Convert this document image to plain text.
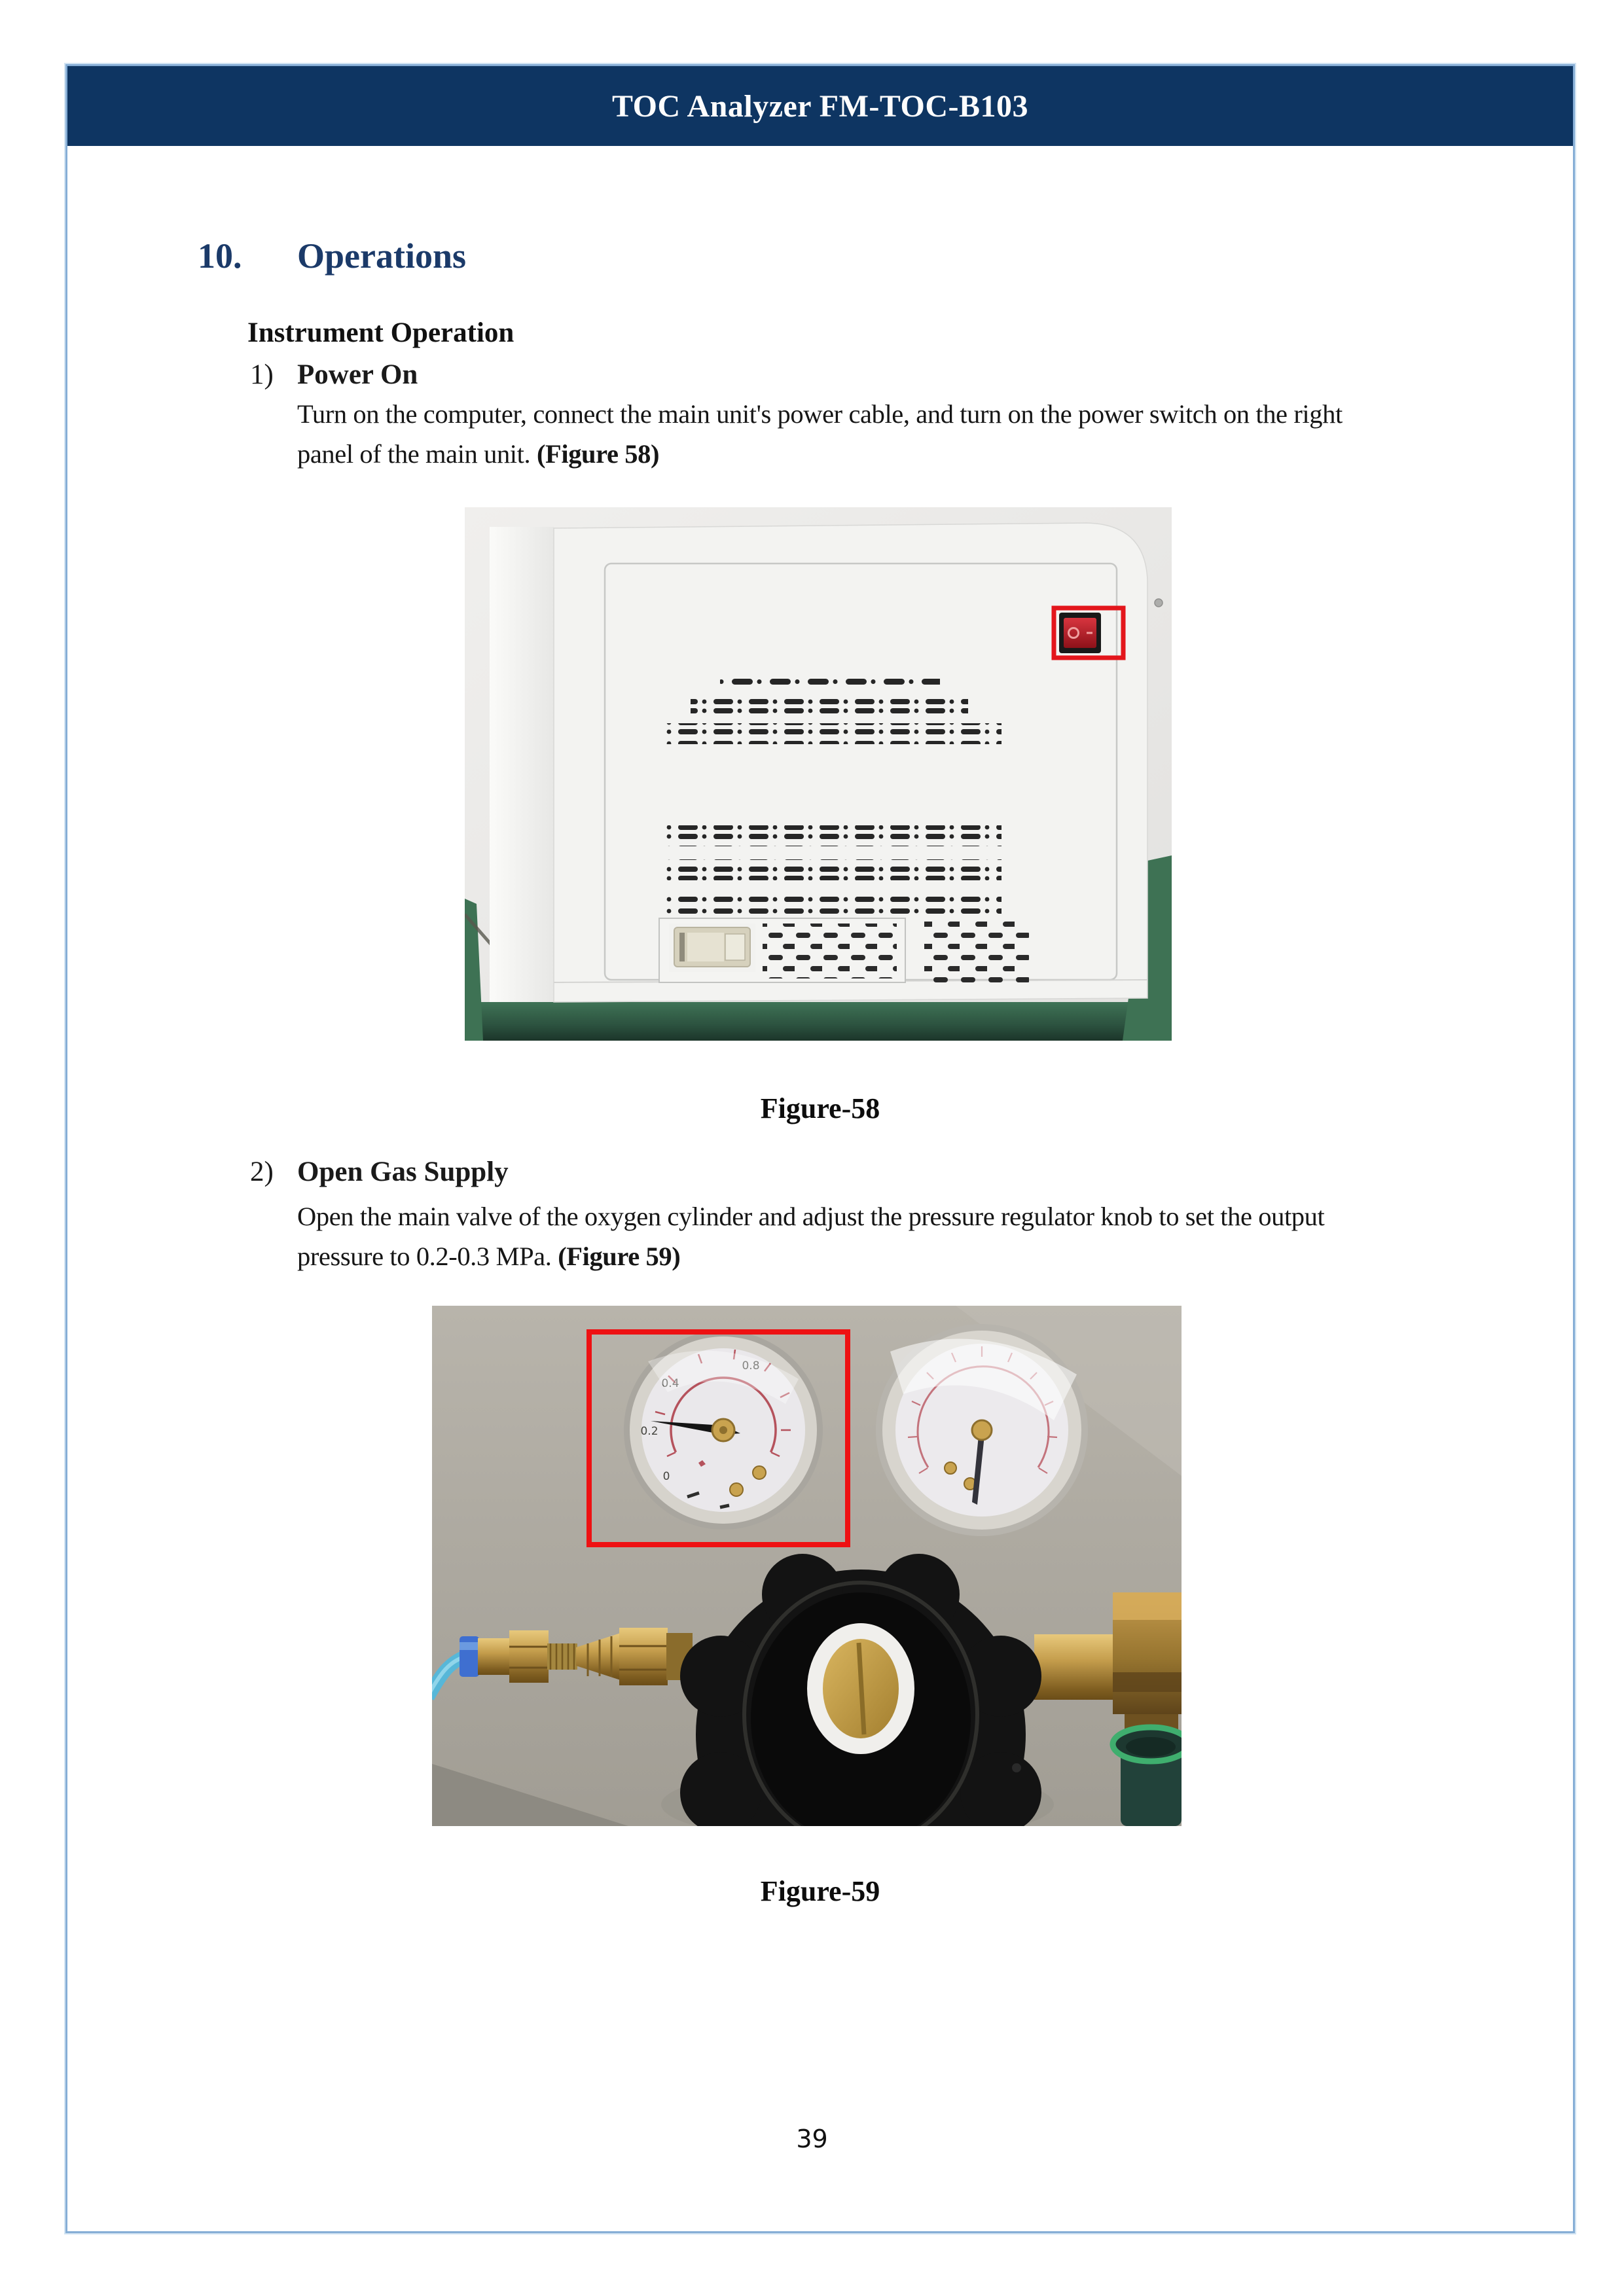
TOC Analyzer FM-TOC-B103
10.	Operations
Instrument Operation
1) Power On
Turn on the computer, connect the main unit's power cable, and turn on the power switch on the right panel of the main unit. (Figure 58)
Figure-58
2) Open Gas Supply
Open the main valve of the oxygen cylinder and adjust the pressure regulator knob to set the output pressure to 0.2-0.3 MPa. (Figure 59)
0
0.2
0.4
0.8
Figure-59
39
